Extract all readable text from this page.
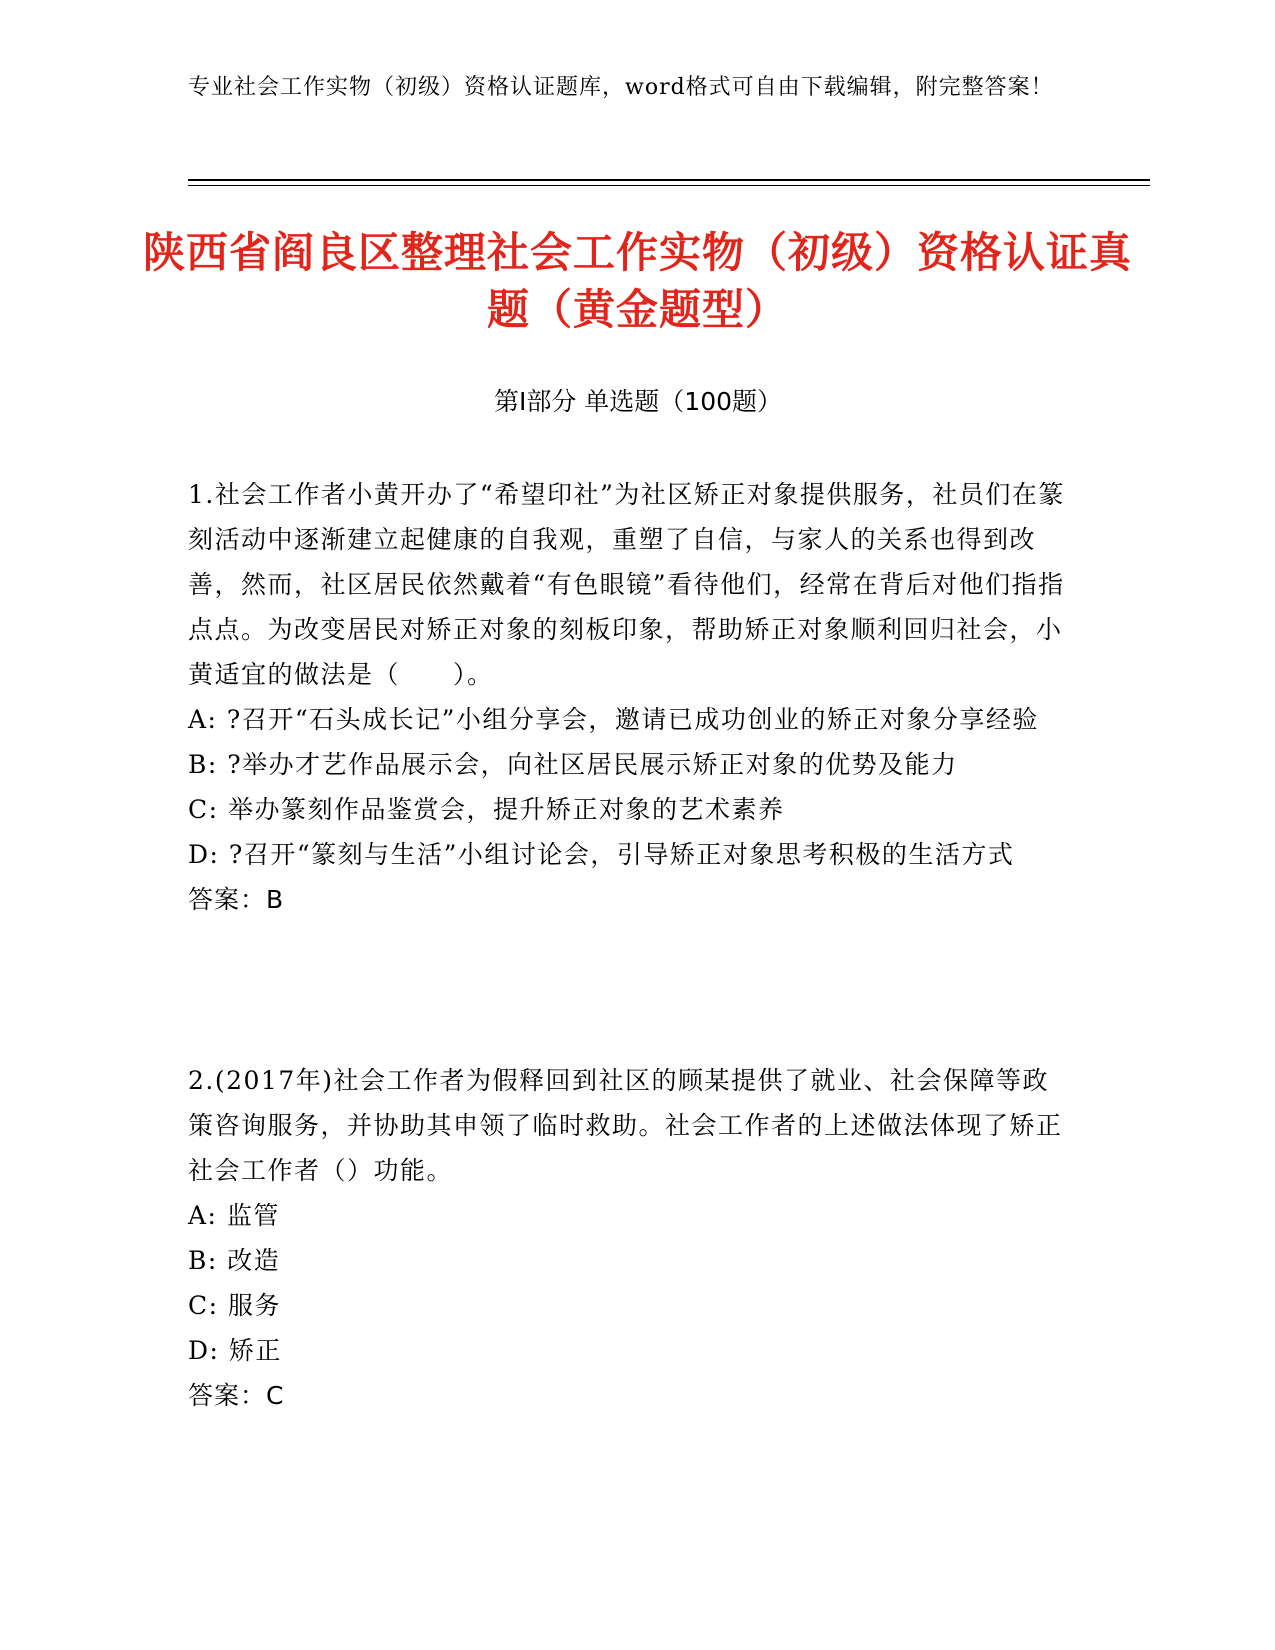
专业社会工作实物（初级）资格认证题库，word格式可自由下载编辑，附完整答案！
陕西省阎良区整理社会工作实物（初级）资格认证真题（黄金题型）
第Ⅰ部分 单选题（100题）

1.社会工作者小黄开办了“希望印社”为社区矫正对象提供服务，社员们在篆刻活动中逐渐建立起健康的自我观，重塑了自信，与家人的关系也得到改善，然而，社区居民依然戴着“有色眼镜”看待他们，经常在背后对他们指指点点。为改变居民对矫正对象的刻板印象，帮助矫正对象顺利回归社会，小黄适宜的做法是（　　）。

A: ?召开“石头成长记”小组分享会，邀请已成功创业的矫正对象分享经验

B: ?举办才艺作品展示会，向社区居民展示矫正对象的优势及能力

C: 举办篆刻作品鉴赏会，提升矫正对象的艺术素养

D: ?召开“篆刻与生活”小组讨论会，引导矫正对象思考积极的生活方式

答案：B

2.(2017年)社会工作者为假释回到社区的顾某提供了就业、社会保障等政策咨询服务，并协助其申领了临时救助。社会工作者的上述做法体现了矫正社会工作者（）功能。

A: 监管

B: 改造

C: 服务

D: 矫正

答案：C
